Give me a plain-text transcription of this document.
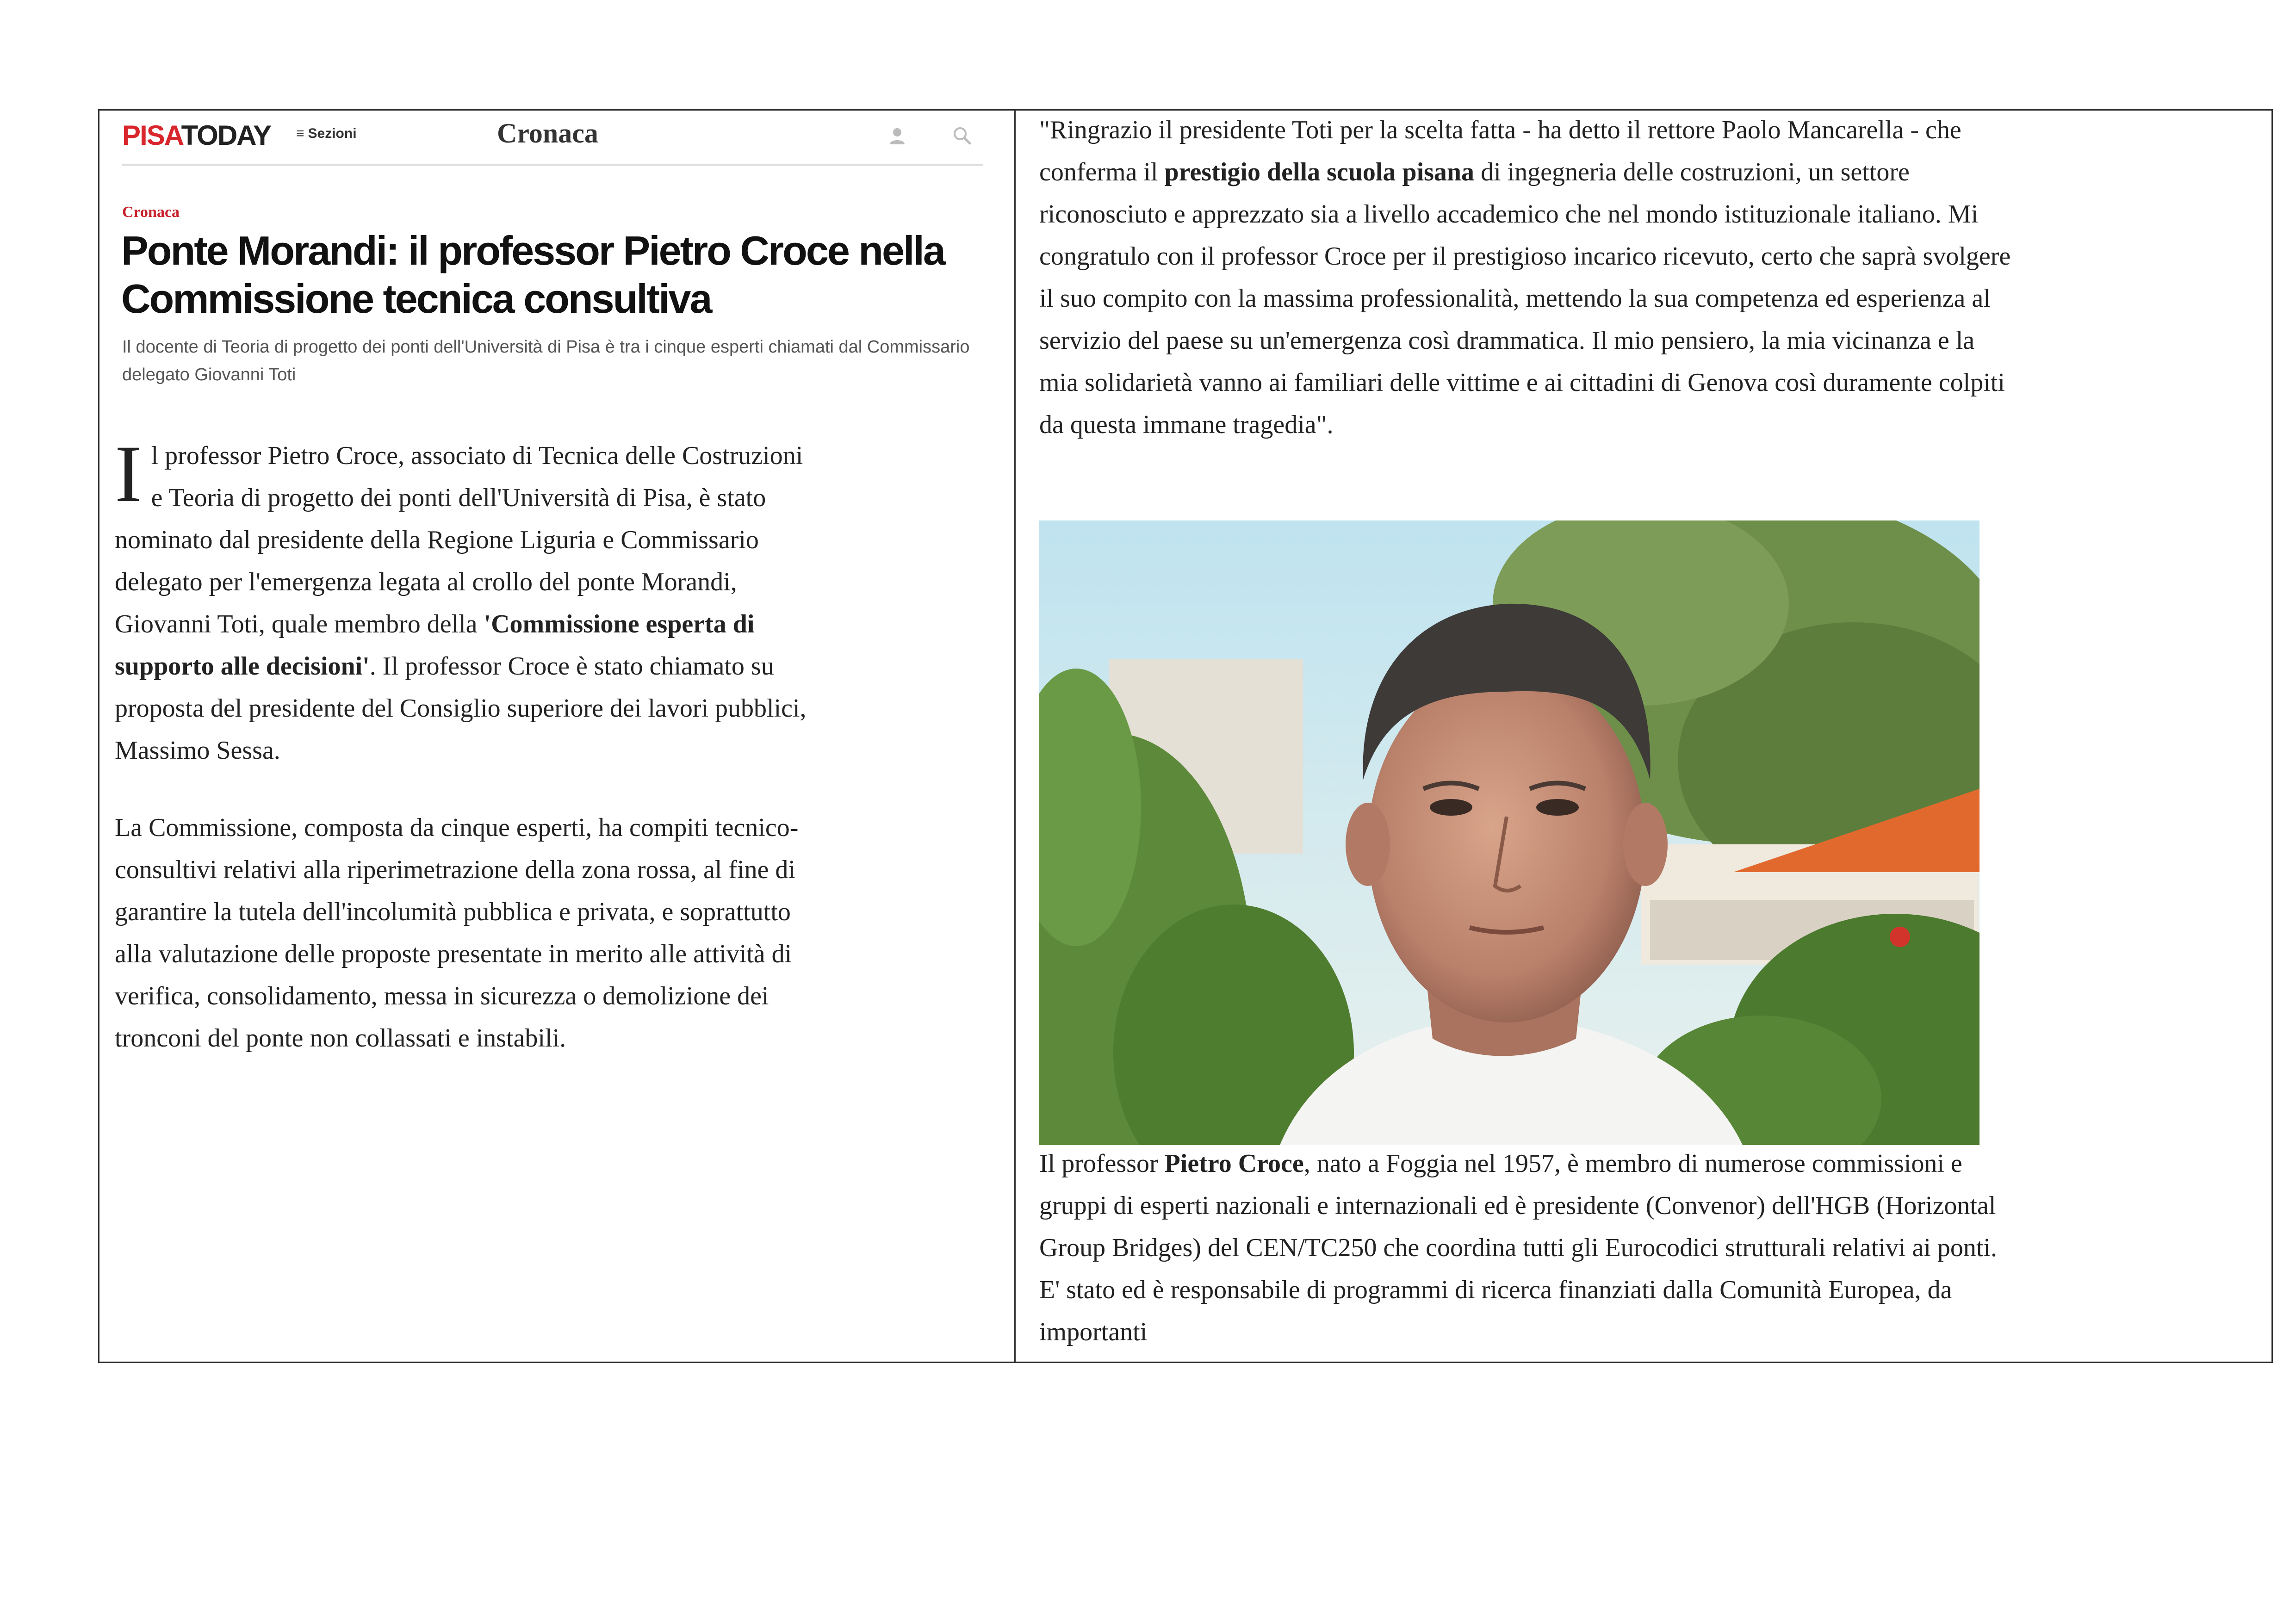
PISATODAY ≡ Sezioni	Cronaca
Cronaca
Ponte Morandi: il professor Pietro Croce nella Commissione tecnica consultiva
Il docente di Teoria di progetto dei ponti dell'Università di Pisa è tra i cinque esperti chiamati dal Commissario delegato Giovanni Toti

Il professor Pietro Croce, associato di Tecnica delle Costruzioni e Teoria di progetto dei ponti dell'Università di Pisa, è stato nominato dal presidente della Regione Liguria e Commissario delegato per l'emergenza legata al crollo del ponte Morandi, Giovanni Toti, quale membro della 'Commissione esperta di supporto alle decisioni'. Il professor Croce è stato chiamato su proposta del presidente del Consiglio superiore dei lavori pubblici, Massimo Sessa.

La Commissione, composta da cinque esperti, ha compiti tecnico-consultivi relativi alla riperimetrazione della zona rossa, al fine di garantire la tutela dell'incolumità pubblica e privata, e soprattutto alla valutazione delle proposte presentate in merito alle attività di verifica, consolidamento, messa in sicurezza o demolizione dei tronconi del ponte non collassati e instabili.

"Ringrazio il presidente Toti per la scelta fatta - ha detto il rettore Paolo Mancarella - che conferma il prestigio della scuola pisana di ingegneria delle costruzioni, un settore riconosciuto e apprezzato sia a livello accademico che nel mondo istituzionale italiano. Mi congratulo con il professor Croce per il prestigioso incarico ricevuto, certo che saprà svolgere il suo compito con la massima professionalità, mettendo la sua competenza ed esperienza al servizio del paese su un'emergenza così drammatica. Il mio pensiero, la mia vicinanza e la mia solidarietà vanno ai familiari delle vittime e ai cittadini di Genova così duramente colpiti da questa immane tragedia".

Il professor Pietro Croce, nato a Foggia nel 1957, è membro di numerose commissioni e gruppi di esperti nazionali e internazionali ed è presidente (Convenor) dell'HGB (Horizontal Group Bridges) del CEN/TC250 che coordina tutti gli Eurocodici strutturali relativi ai ponti. E' stato ed è responsabile di programmi di ricerca finanziati dalla Comunità Europea, da importanti
